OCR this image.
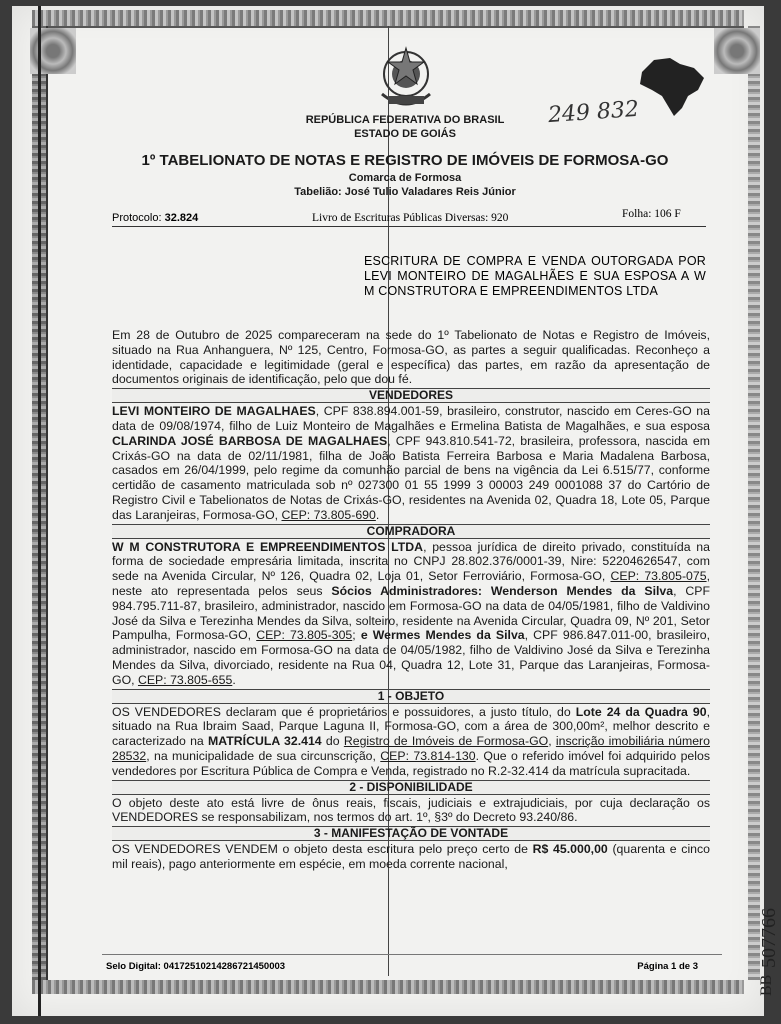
249 832
REPÚBLICA FEDERATIVA DO BRASIL
ESTADO DE GOIÁS
1º TABELIONATO DE NOTAS E REGISTRO DE IMÓVEIS DE FORMOSA-GO
Comarca de Formosa
Tabelião: José Tulio Valadares Reis Júnior
Protocolo: 32.824	Livro de Escrituras Públicas Diversas: 920	Folha: 106 F
ESCRITURA DE COMPRA E VENDA OUTORGADA POR LEVI MONTEIRO DE MAGALHÃES E SUA ESPOSA A W M CONSTRUTORA E EMPREENDIMENTOS LTDA

Em 28 de Outubro de 2025 compareceram na sede do 1º Tabelionato de Notas e Registro de Imóveis, situado na Rua Anhanguera, Nº 125, Centro, Formosa-GO, as partes a seguir qualificadas. Reconheço a identidade, capacidade e legitimidade (geral e específica) das partes, em razão da apresentação de documentos originais de identificação, pelo que dou fé.

VENDEDORES

LEVI MONTEIRO DE MAGALHAES, CPF 838.894.001-59, brasileiro, construtor, nascido em Ceres-GO na data de 09/08/1974, filho de Luiz Monteiro de Magalhães e Ermelina Batista de Magalhães, e sua esposa CLARINDA JOSÉ BARBOSA DE MAGALHAES, CPF 943.810.541-72, brasileira, professora, nascida em Crixás-GO na data de 02/11/1981, filha de João Batista Ferreira Barbosa e Maria Madalena Barbosa, casados em 26/04/1999, pelo regime da comunhão parcial de bens na vigência da Lei 6.515/77, conforme certidão de casamento matriculada sob nº 027300 01 55 1999 3 00003 249 0001088 37 do Cartório de Registro Civil e Tabelionatos de Notas de Crixás-GO, residentes na Avenida 02, Quadra 18, Lote 05, Parque das Laranjeiras, Formosa-GO, CEP: 73.805-690.

COMPRADORA

W M CONSTRUTORA E EMPREENDIMENTOS LTDA, pessoa jurídica de direito privado, constituída na forma de sociedade empresária limitada, inscrita no CNPJ 28.802.376/0001-39, Nire: 52204626547, com sede na Avenida Circular, Nº 126, Quadra 02, Loja 01, Setor Ferroviário, Formosa-GO, CEP: 73.805-075, neste ato representada pelos seus Sócios Administradores: Wenderson Mendes da Silva, CPF 984.795.711-87, brasileiro, administrador, nascido em Formosa-GO na data de 04/05/1981, filho de Valdivino José da Silva e Terezinha Mendes da Silva, solteiro, residente na Avenida Circular, Quadra 09, Nº 201, Setor Pampulha, Formosa-GO, CEP: 73.805-305; e Wermes Mendes da Silva, CPF 986.847.011-00, brasileiro, administrador, nascido em Formosa-GO na data de 04/05/1982, filho de Valdivino José da Silva e Terezinha Mendes da Silva, divorciado, residente na Rua 04, Quadra 12, Lote 31, Parque das Laranjeiras, Formosa-GO, CEP: 73.805-655.

1 - OBJETO

OS VENDEDORES declaram que é proprietários e possuidores, a justo título, do Lote 24 da Quadra 90, situado na Rua Ibraim Saad, Parque Laguna II, Formosa-GO, com a área de 300,00m², melhor descrito e caracterizado na MATRÍCULA 32.414 do Registro de Imóveis de Formosa-GO, inscrição imobiliária número 28532, na municipalidade de sua circunscrição, CEP: 73.814-130. Que o referido imóvel foi adquirido pelos vendedores por Escritura Pública de Compra e Venda, registrado no R.2-32.414 da matrícula supracitada.

2 - DISPONIBILIDADE

O objeto deste ato está livre de ônus reais, fiscais, judiciais e extrajudiciais, por cuja declaração os VENDEDORES se responsabilizam, nos termos do art. 1º, §3º do Decreto 93.240/86.

3 - MANIFESTAÇÃO DE VONTADE

OS VENDEDORES VENDEM o objeto desta escritura pelo preço certo de R$ 45.000,00 (quarenta e cinco mil reais), pago anteriormente em espécie, em moeda corrente nacional,

Selo Digital: 04172510214286721450003	Página 1 de 3	507766
BB
